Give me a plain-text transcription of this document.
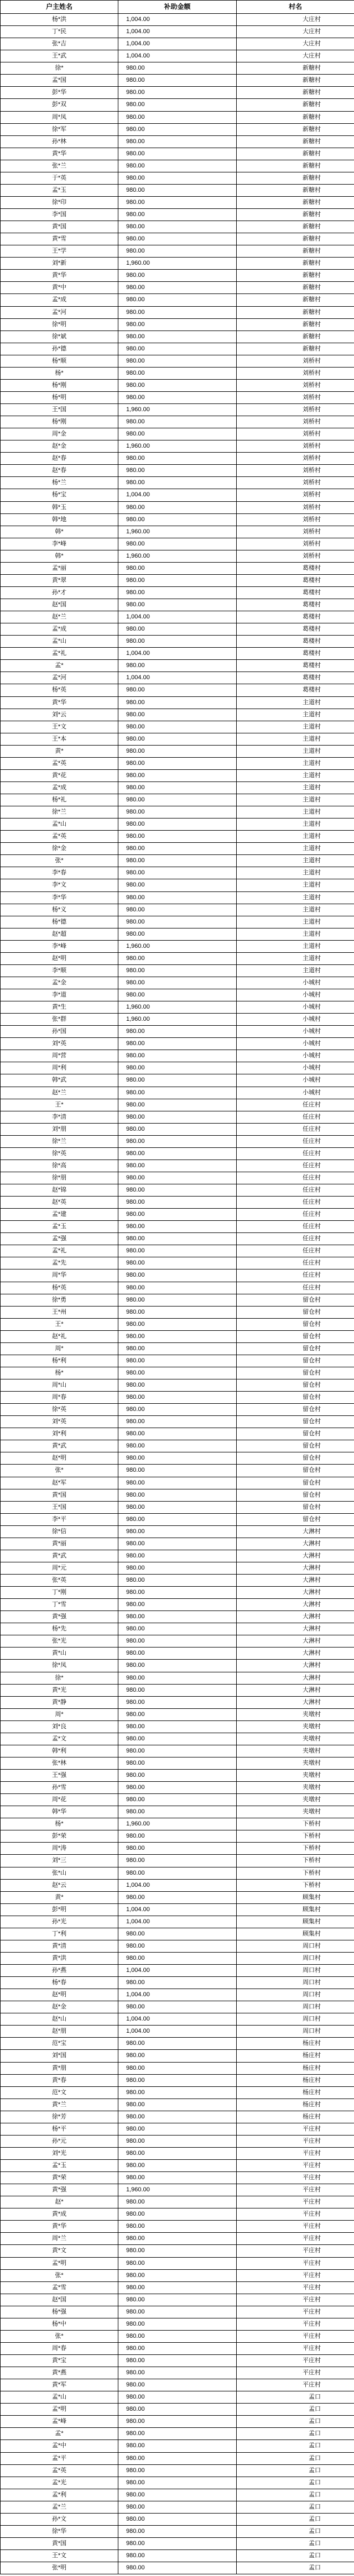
户主姓名	补助金额	村名
杨*洪	1,004.00	大庄村
丁*民	1,004.00	大庄村
张*吉	1,004.00	大庄村
王*武	1,004.00	大庄村
徐*	980.00	新糖村
孟*国	980.00	新糖村
彭*华	980.00	新糖村
彭*双	980.00	新糖村
周*凤	980.00	新糖村
徐*军	980.00	新糖村
孙*林	980.00	新糖村
黄*华	980.00	新糖村
张*兰	980.00	新糖村
于*英	980.00	新糖村
孟*玉	980.00	新糖村
徐*印	980.00	新糖村
李*国	980.00	新糖村
黄*国	980.00	新糖村
黄*雪	980.00	新糖村
王*学	980.00	新糖村
刘*新	1,960.00	新糖村
黄*华	980.00	新糖村
黄*中	980.00	新糖村
孟*成	980.00	新糖村
孟*河	980.00	新糖村
徐*明	980.00	新糖村
徐*斌	980.00	新糖村
孙*德	980.00	新糖村
杨*顺	980.00	刘桥村
杨*	980.00	刘桥村
杨*刚	980.00	刘桥村
杨*明	980.00	刘桥村
王*国	1,960.00	刘桥村
杨*刚	980.00	刘桥村
周*金	980.00	刘桥村
赵*金	1,960.00	刘桥村
赵*春	980.00	刘桥村
赵*春	980.00	刘桥村
杨*兰	980.00	刘桥村
杨*宝	1,004.00	刘桥村
韩*玉	980.00	刘桥村
韩*地	980.00	刘桥村
韩*	1,960.00	刘桥村
李*峰	980.00	刘桥村
韩*	1,960.00	刘桥村
孟*丽	980.00	葛楼村
黄*翠	980.00	葛楼村
孙*才	980.00	葛楼村
赵*国	980.00	葛楼村
赵*兰	1,004.00	葛楼村
孟*成	980.00	葛楼村
孟*山	980.00	葛楼村
孟*礼	1,004.00	葛楼村
孟*	980.00	葛楼村
孟*河	1,004.00	葛楼村
杨*英	980.00	葛楼村
黄*华	980.00	主道村
刘*云	980.00	主道村
王*文	980.00	主道村
王*本	980.00	主道村
黄*	980.00	主道村
孟*英	980.00	主道村
黄*花	980.00	主道村
孟*成	980.00	主道村
杨*礼	980.00	主道村
徐*兰	980.00	主道村
孟*山	980.00	主道村
孟*英	980.00	主道村
徐*金	980.00	主道村
张*	980.00	主道村
李*春	980.00	主道村
李*文	980.00	主道村
李*华	980.00	主道村
杨*义	980.00	主道村
杨*德	980.00	主道村
赵*超	980.00	主道村
李*峰	1,960.00	主道村
赵*明	980.00	主道村
李*顺	980.00	主道村
孟*金	980.00	小城村
李*道	980.00	小城村
黄*生	1,960.00	小城村
张*群	1,960.00	小城村
孙*国	980.00	小城村
刘*英	980.00	小城村
周*营	980.00	小城村
周*利	980.00	小城村
韩*武	980.00	小城村
赵*兰	980.00	小城村
王*	980.00	任庄村
李*清	980.00	任庄村
刘*朋	980.00	任庄村
徐*兰	980.00	任庄村
徐*英	980.00	任庄村
徐*高	980.00	任庄村
徐*朋	980.00	任庄村
赵*锦	980.00	任庄村
赵*英	980.00	任庄村
孟*建	980.00	任庄村
孟*玉	980.00	任庄村
孟*强	980.00	任庄村
孟*礼	980.00	任庄村
孟*先	980.00	任庄村
周*华	980.00	任庄村
杨*英	980.00	任庄村
徐*勇	980.00	留仓村
王*州	980.00	留仓村
王*	980.00	留仓村
赵*礼	980.00	留仓村
周*	980.00	留仓村
杨*利	980.00	留仓村
杨*	980.00	留仓村
周*山	980.00	留仓村
周*春	980.00	留仓村
徐*英	980.00	留仓村
刘*英	980.00	留仓村
刘*利	980.00	留仓村
黄*武	980.00	留仓村
赵*明	980.00	留仓村
张*	980.00	留仓村
赵*军	980.00	留仓村
黄*国	980.00	留仓村
王*国	980.00	留仓村
李*平	980.00	留仓村
徐*信	980.00	大淋村
黄*丽	980.00	大淋村
黄*武	980.00	大淋村
周*元	980.00	大淋村
张*英	980.00	大淋村
丁*刚	980.00	大淋村
丁*雪	980.00	大淋村
黄*强	980.00	大淋村
杨*先	980.00	大淋村
张*光	980.00	大淋村
黄*山	980.00	大淋村
徐*凤	980.00	大淋村
徐*	980.00	大淋村
黄*光	980.00	大淋村
黄*静	980.00	大淋村
周*	980.00	夹墩村
刘*良	980.00	夹墩村
孟*文	980.00	夹墩村
韩*利	980.00	夹墩村
张*林	980.00	夹墩村
王*强	980.00	夹墩村
孙*雪	980.00	夹墩村
周*花	980.00	夹墩村
韩*华	980.00	夹墩村
杨*	1,960.00	下桥村
彭*荣	980.00	下桥村
周*涛	980.00	下桥村
刘*三	980.00	下桥村
张*山	980.00	下桥村
赵*云	1,004.00	下桥村
黄*	980.00	顾集村
彭*明	1,004.00	顾集村
孙*光	1,004.00	顾集村
丁*利	980.00	顾集村
黄*清	980.00	周口村
黄*洪	980.00	周口村
孙*燕	1,004.00	周口村
杨*春	980.00	周口村
赵*明	1,004.00	周口村
赵*金	980.00	周口村
赵*山	1,004.00	周口村
赵*朋	1,004.00	周口村
范*宝	980.00	杨庄村
刘*国	980.00	杨庄村
黄*朋	980.00	杨庄村
黄*春	980.00	杨庄村
范*文	980.00	杨庄村
黄*兰	980.00	杨庄村
徐*芳	980.00	杨庄村
杨*平	980.00	平庄村
孙*元	980.00	平庄村
刘*光	980.00	平庄村
孟*玉	980.00	平庄村
黄*荣	980.00	平庄村
黄*强	1,960.00	平庄村
赵*	980.00	平庄村
黄*成	980.00	平庄村
黄*华	980.00	平庄村
周*兰	980.00	平庄村
黄*文	980.00	平庄村
孟*明	980.00	平庄村
张*	980.00	平庄村
孟*雪	980.00	平庄村
赵*国	980.00	平庄村
杨*强	980.00	平庄村
杨*中	980.00	平庄村
张*	980.00	平庄村
周*春	980.00	平庄村
黄*宝	980.00	平庄村
黄*燕	980.00	平庄村
黄*军	980.00	平庄村
孟*山	980.00	孟口
孟*明	980.00	孟口
孟*峰	980.00	孟口
孟*	980.00	孟口
孟*中	980.00	孟口
孟*平	980.00	孟口
孟*英	980.00	孟口
孟*光	980.00	孟口
孟*利	980.00	孟口
孟*兰	980.00	孟口
孙*文	980.00	孟口
徐*华	980.00	孟口
黄*国	980.00	孟口
王*文	980.00	孟口
张*明	980.00	孟口
